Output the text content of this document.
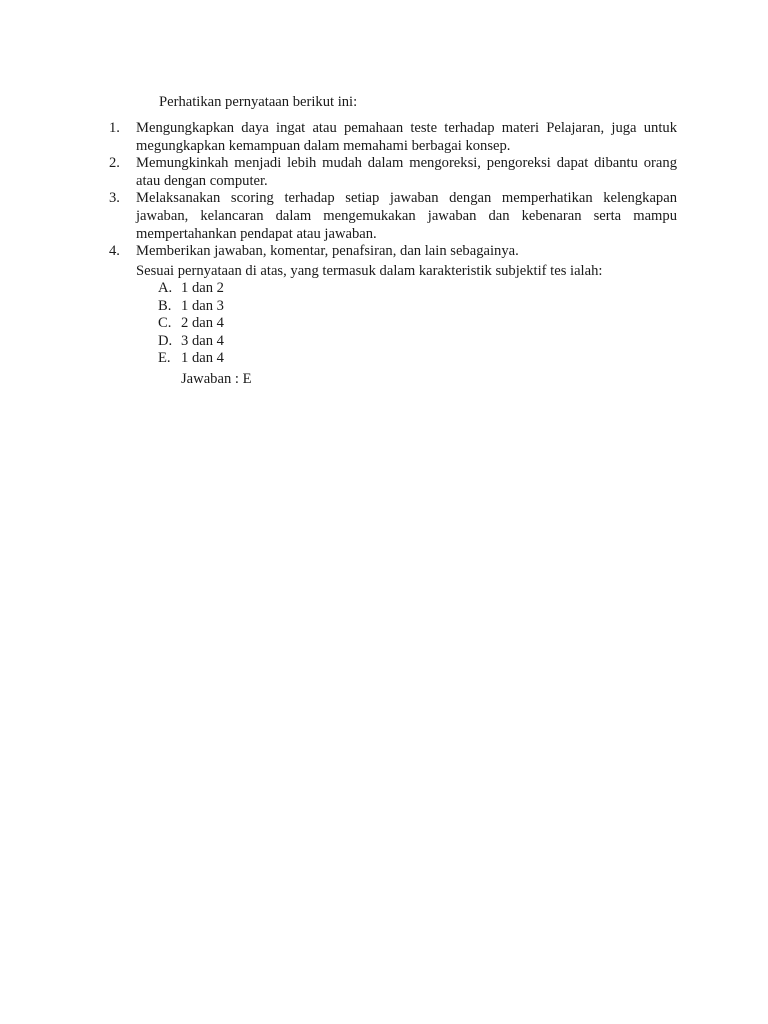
Perhatikan pernyataan berikut ini:
1. Mengungkapkan daya ingat atau pemahaan teste terhadap materi Pelajaran, juga untuk megungkapkan kemampuan dalam memahami berbagai konsep.
2. Memungkinkah menjadi lebih mudah dalam mengoreksi, pengoreksi dapat dibantu orang atau dengan computer.
3. Melaksanakan scoring terhadap setiap jawaban dengan memperhatikan kelengkapan jawaban, kelancaran dalam mengemukakan jawaban dan kebenaran serta mampu mempertahankan pendapat atau jawaban.
4. Memberikan jawaban, komentar, penafsiran, dan lain sebagainya.
Sesuai pernyataan di atas, yang termasuk dalam karakteristik subjektif tes ialah:
A. 1 dan 2
B. 1 dan 3
C. 2 dan 4
D. 3 dan 4
E. 1 dan 4
Jawaban : E
